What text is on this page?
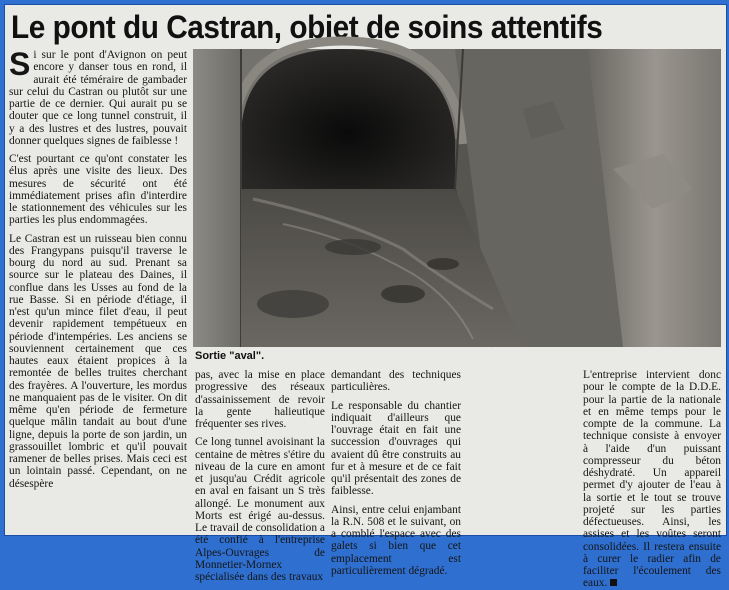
Le pont du Castran, objet de soins attentifs

Si sur le pont d'Avignon on peut encore y danser tous en rond, il aurait été téméraire de gambader sur celui du Castran ou plutôt sur une partie de ce dernier. Qui aurait pu se douter que ce long tunnel construit, il y a des lustres et des lustres, pouvait donner quelques signes de faiblesse !

C'est pourtant ce qu'ont constater les élus après une visite des lieux. Des mesures de sécurité ont été immédiatement prises afin d'interdire le stationnement des véhicules sur les parties les plus endommagées.

Le Castran est un ruisseau bien connu des Frangypans puisqu'il traverse le bourg du nord au sud. Prenant sa source sur le plateau des Daines, il conflue dans les Usses au fond de la rue Basse. Si en période d'étiage, il n'est qu'un mince filet d'eau, il peut devenir rapidement tempétueux en période d'intempéries. Les anciens se souviennent certainement que ces hautes eaux étaient propices à la remontée de belles truites cherchant des frayères. A l'ouverture, les mordus ne manquaient pas de le visiter. On dit même qu'en période de fermeture quelque mâlin tandait au bout d'une ligne, depuis la porte de son jardin, un grassouillet lombric et qu'il pouvait ramener de belles prises. Mais ceci est un lointain passé. Cependant, on ne désespère

Sortie "aval".

pas, avec la mise en place progressive des réseaux d'assainissement de revoir la gente halieutique fréquenter ses rives.

Ce long tunnel avoisinant la centaine de mètres s'étire du niveau de la cure en amont et jusqu'au Crédit agricole en aval en faisant un S très allongé. Le monument aux Morts est érigé au-dessus. Le travail de consolidation a été confié à l'entreprise Alpes-Ouvrages de Monnetier-Mornex spécialisée dans des travaux

demandant des techniques particulières.

Le responsable du chantier indiquait d'ailleurs que l'ouvrage était en fait une succession d'ouvrages qui avaient dû être construits au fur et à mesure et de ce fait qu'il présentait des zones de faiblesse.

Ainsi, entre celui enjambant la R.N. 508 et le suivant, on a comblé l'espace avec des galets si bien que cet emplacement est particulièrement dégradé.

L'entreprise intervient donc pour le compte de la D.D.E. pour la partie de la nationale et en même temps pour le compte de la commune. La technique consiste à envoyer à l'aide d'un puissant compresseur du béton déshydraté. Un appareil permet d'y ajouter de l'eau à la sortie et le tout se trouve projeté sur les parties défectueuses. Ainsi, les assises et les voûtes seront consolidées. Il restera ensuite à curer le radier afin de faciliter l'écoulement des eaux.
